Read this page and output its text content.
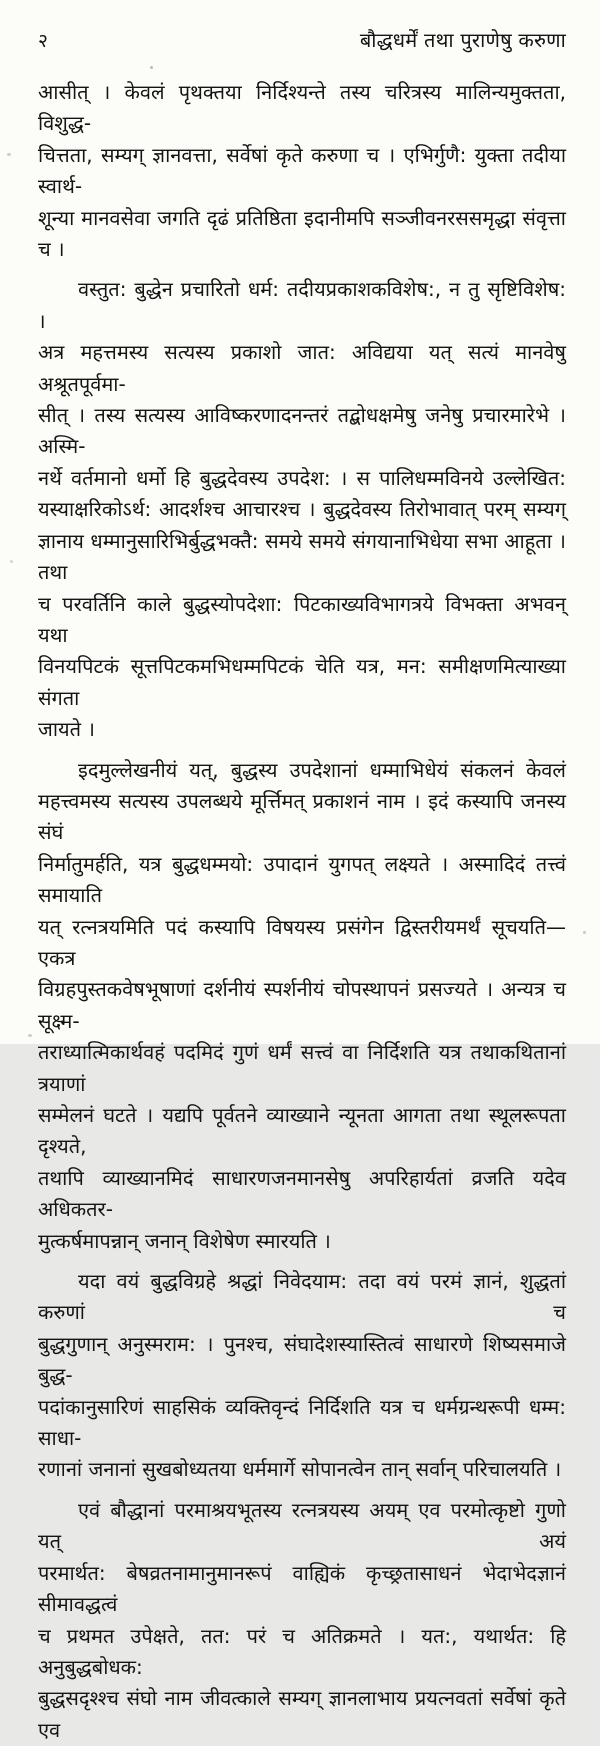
२	बौद्धधर्में तथा पुराणेषु करुणा
आसीत् । केवलं पृथक्तया निर्दिश्यन्ते तस्य चरित्रस्य मालिन्यमुक्तता, विशुद्ध-
चित्तता, सम्यग् ज्ञानवत्ता, सर्वेषां कृते करुणा च । एभिर्गुणै: युक्ता तदीया स्वार्थ-
शून्या मानवसेवा जगति दृढं प्रतिष्ठिता इदानीमपि सञ्जीवनरससमृद्धा संवृत्ता च ।
वस्तुत: बुद्धेन प्रचारितो धर्म: तदीयप्रकाशकविशेष:, न तु सृष्टिविशेष: ।
अत्र महत्तमस्य सत्यस्य प्रकाशो जात: अविद्यया यत् सत्यं मानवेषु अश्रूतपूर्वमा-
सीत् । तस्य सत्यस्य आविष्करणादनन्तरं तद्बोधक्षमेषु जनेषु प्रचारमारेभे । अस्मि-
नर्थे वर्तमानो धर्मो हि बुद्धदेवस्य उपदेश: । स पालिधम्मविनये उल्लेखित:
यस्याक्षरिकोऽर्थ: आदर्शश्च आचारश्च । बुद्धदेवस्य तिरोभावात् परम् सम्यग्
ज्ञानाय धम्मानुसारिभिर्बुद्धभक्तै: समये समये संगयानाभिधेया सभा आहूता । तथा
च परवर्तिनि काले बुद्धस्योपदेशा: पिटकाख्यविभागत्रये विभक्ता अभवन् यथा
विनयपिटकं सूत्तपिटकमभिधम्मपिटकं चेति यत्र, मन: समीक्षणमित्याख्या संगता
जायते ।
इदमुल्लेखनीयं यत्, बुद्धस्य उपदेशानां धम्माभिधेयं संकलनं केवलं
महत्त्वमस्य सत्यस्य उपलब्धये मूर्त्तिमत् प्रकाशनं नाम । इदं कस्यापि जनस्य संघं
निर्मातुमर्हति, यत्र बुद्धधम्मयो: उपादानं युगपत् लक्ष्यते । अस्मादिदं तत्त्वं समायाति
यत् रत्नत्रयमिति पदं कस्यापि विषयस्य प्रसंगेन द्विस्तरीयमर्थं सूचयति—एकत्र
विग्रहपुस्तकवेषभूषाणां दर्शनीयं स्पर्शनीयं चोपस्थापनं प्रसज्यते । अन्यत्र च सूक्ष्म-
तराध्यात्मिकार्थवहं पदमिदं गुणं धर्मं सत्त्वं वा निर्दिशति यत्र तथाकथितानां त्रयाणां
सम्मेलनं घटते । यद्यपि पूर्वतने व्याख्याने न्यूनता आगता तथा स्थूलरूपता दृश्यते,
तथापि व्याख्यानमिदं साधारणजनमानसेषु अपरिहार्यतां व्रजति यदेव अधिकतर-
मुत्कर्षमापन्नान् जनान् विशेषेण स्मारयति ।
यदा वयं बुद्धविग्रहे श्रद्धां निवेदयाम: तदा वयं परमं ज्ञानं, शुद्धतां करुणां च
बुद्धगुणान् अनुस्मराम: । पुनश्च, संघादेशस्यास्तित्वं साधारणे शिष्यसमाजे बुद्ध-
पदांकानुसारिणं साहसिकं व्यक्तिवृन्दं निर्दिशति यत्र च धर्मग्रन्थरूपी धम्म: साधा-
रणानां जनानां सुखबोध्यतया धर्ममार्गे सोपानत्वेन तान् सर्वान् परिचालयति ।
एवं बौद्धानां परमाश्रयभूतस्य रत्नत्रयस्य अयम् एव परमोत्कृष्टो गुणो यत् अयं
परमार्थत: बेषव्रतनामानुमानरूपं वाह्यिकं कृच्छ्रतासाधनं भेदाभेदज्ञानं सीमावद्धत्वं
च प्रथमत उपेक्षते, तत: परं च अतिक्रमते । यत:, यथार्थत: हि अनुबुद्धबोधक:
बुद्धसदृश्श्च संघो नाम जीवत्काले सम्यग् ज्ञानलाभाय प्रयत्नवतां सर्वेषां कृते एव
